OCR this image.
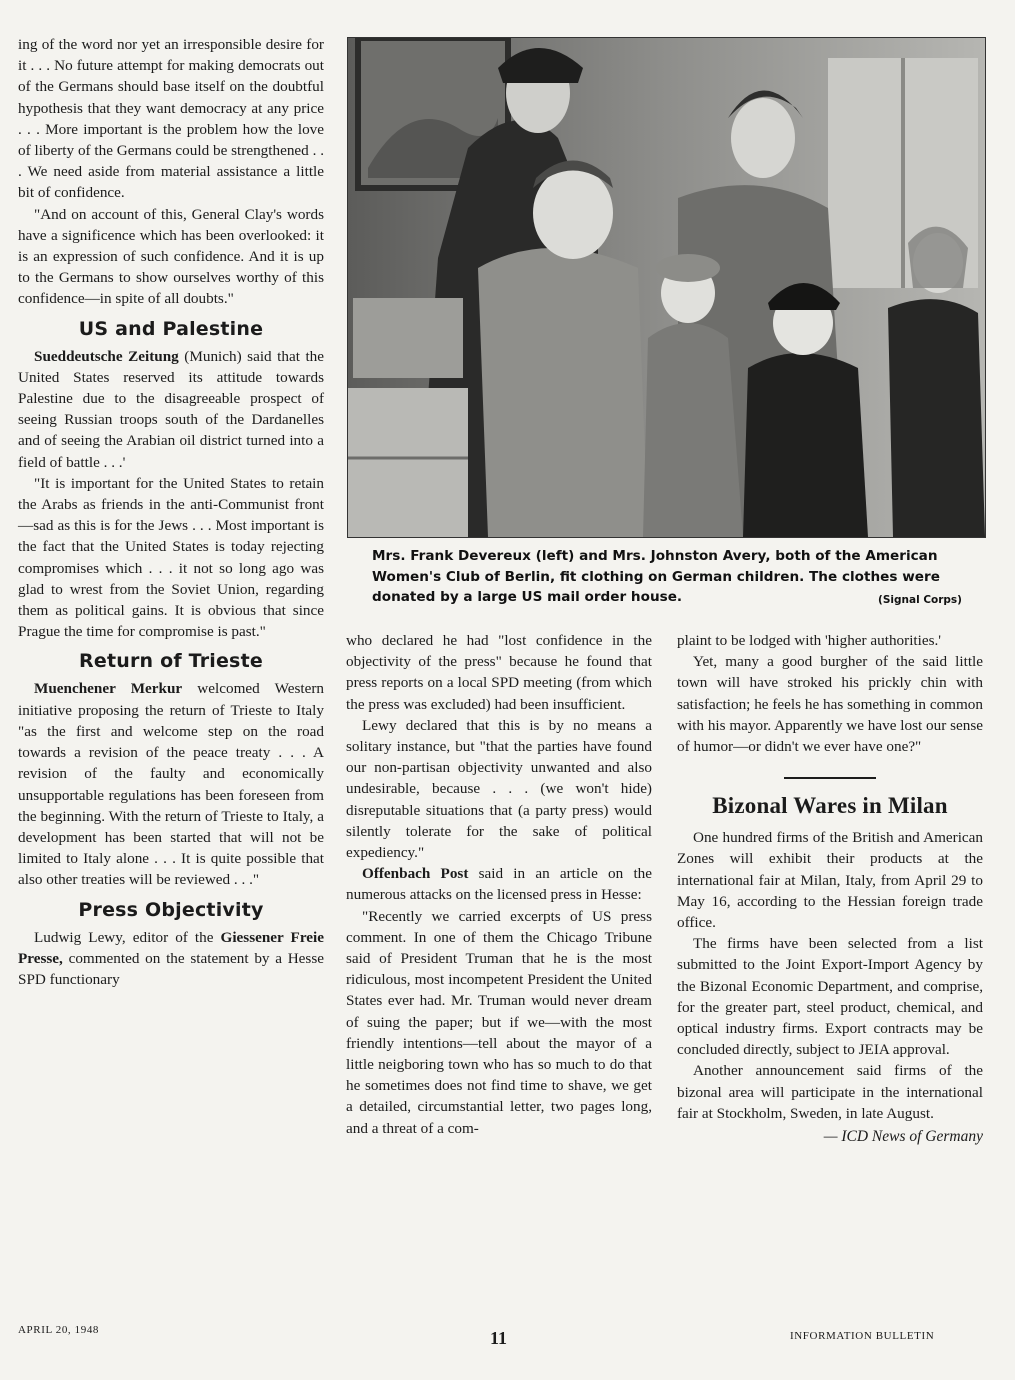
ing of the word nor yet an irresponsible desire for it . . . No future attempt for making democrats out of the Germans should base itself on the doubtful hypothesis that they want democracy at any price . . . More important is the problem how the love of liberty of the Germans could be strengthened . . . We need aside from material assistance a little bit of confidence.

"And on account of this, General Clay's words have a significence which has been overlooked: it is an expression of such confidence. And it is up to the Germans to show ourselves worthy of this confidence—in spite of all doubts."

US and Palestine

Sueddeutsche Zeitung (Munich) said that the United States reserved its attitude towards Palestine due to the disagreeable prospect of seeing Russian troops south of the Dardanelles and of seeing the Arabian oil district turned into a field of battle . . .'

"It is important for the United States to retain the Arabs as friends in the anti-Communist front—sad as this is for the Jews . . . Most important is the fact that the United States is today rejecting compromises which . . . it not so long ago was glad to wrest from the Soviet Union, regarding them as political gains. It is obvious that since Prague the time for compromise is past."

Return of Trieste

Muenchener Merkur welcomed Western initiative proposing the return of Trieste to Italy "as the first and welcome step on the road towards a revision of the peace treaty . . . A revision of the faulty and economically unsupportable regulations has been foreseen from the beginning. With the return of Trieste to Italy, a development has been started that will not be limited to Italy alone . . . It is quite possible that also other treaties will be reviewed . . ."

Press Objectivity

Ludwig Lewy, editor of the Giessener Freie Presse, commented on the statement by a Hesse SPD functionary

Mrs. Frank Devereux (left) and Mrs. Johnston Avery, both of the American Women's Club of Berlin, fit clothing on German children. The clothes were donated by a large US mail order house.	(Signal Corps)

who declared he had "lost confidence in the objectivity of the press" because he found that press reports on a local SPD meeting (from which the press was excluded) had been insufficient.

Lewy declared that this is by no means a solitary instance, but "that the parties have found our non-partisan objectivity unwanted and also undesirable, because . . . (we won't hide) disreputable situations that (a party press) would silently tolerate for the sake of political expediency."

Offenbach Post said in an article on the numerous attacks on the licensed press in Hesse:

"Recently we carried excerpts of US press comment. In one of them the Chicago Tribune said of President Truman that he is the most ridiculous, most incompetent President the United States ever had. Mr. Truman would never dream of suing the paper; but if we—with the most friendly intentions—tell about the mayor of a little neigboring town who has so much to do that he sometimes does not find time to shave, we get a detailed, circumstantial letter, two pages long, and a threat of a com-

plaint to be lodged with 'higher authorities.'

Yet, many a good burgher of the said little town will have stroked his prickly chin with satisfaction; he feels he has something in common with his mayor. Apparently we have lost our sense of humor—or didn't we ever have one?"

Bizonal Wares in Milan

One hundred firms of the British and American Zones will exhibit their products at the international fair at Milan, Italy, from April 29 to May 16, according to the Hessian foreign trade office.

The firms have been selected from a list submitted to the Joint Export-Import Agency by the Bizonal Economic Department, and comprise, for the greater part, steel product, chemical, and optical industry firms. Export contracts may be concluded directly, subject to JEIA approval.

Another announcement said firms of the bizonal area will participate in the international fair at Stockholm, Sweden, in late August.

— ICD News of Germany
APRIL 20, 1948	11	INFORMATION BULLETIN
